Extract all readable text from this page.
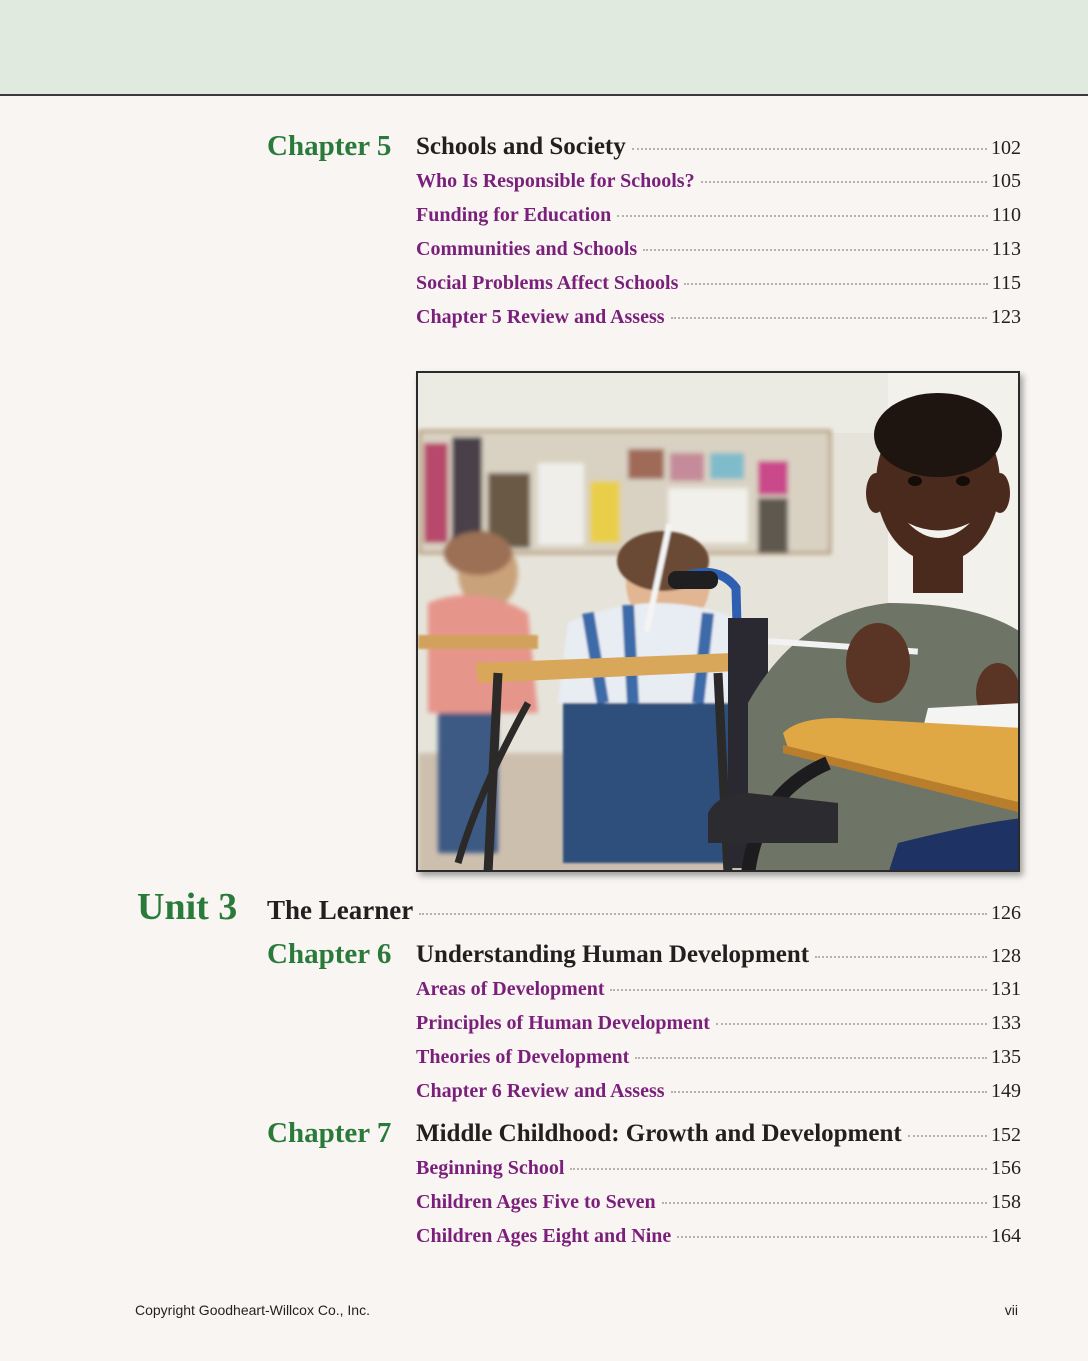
Chapter 5 Schools and Society	102
Who Is Responsible for Schools?	105
Funding for Education	110
Communities and Schools	113
Social Problems Affect Schools	115
Chapter 5 Review and Assess	123
Unit 3 The Learner	126
Chapter 6 Understanding Human Development	128
Areas of Development	131
Principles of Human Development	133
Theories of Development	135
Chapter 6 Review and Assess	149
Chapter 7 Middle Childhood: Growth and Development	152
Beginning School	156
Children Ages Five to Seven	158
Children Ages Eight and Nine	164
Copyright Goodheart-Willcox Co., Inc.	vii
